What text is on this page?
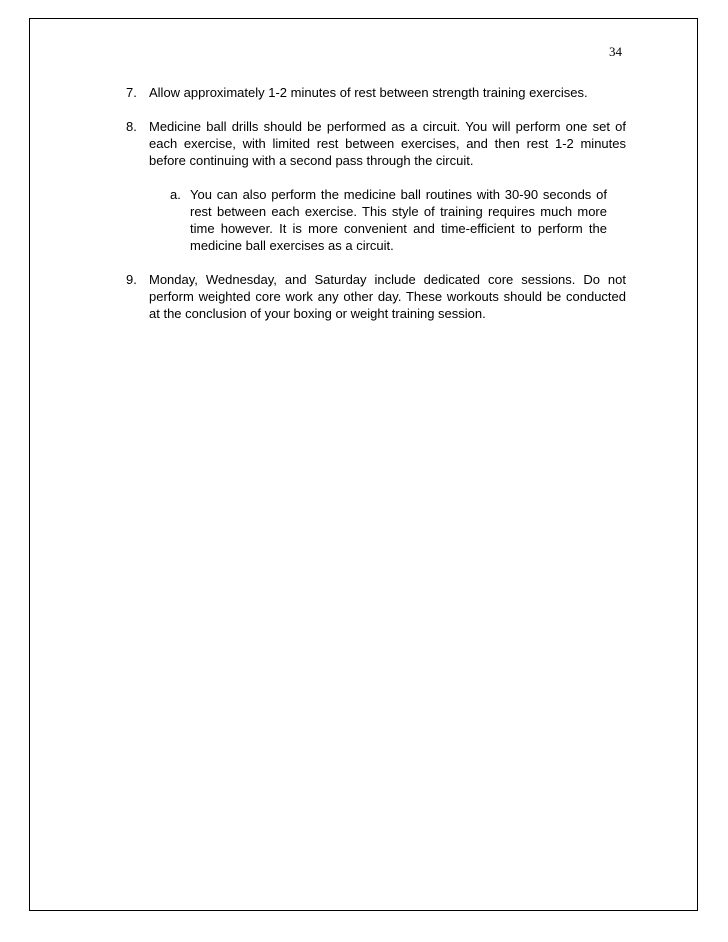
34
7. Allow approximately 1-2 minutes of rest between strength training exercises.
8. Medicine ball drills should be performed as a circuit. You will perform one set of each exercise, with limited rest between exercises, and then rest 1-2 minutes before continuing with a second pass through the circuit.
a. You can also perform the medicine ball routines with 30-90 seconds of rest between each exercise. This style of training requires much more time however. It is more convenient and time-efficient to perform the medicine ball exercises as a circuit.
9. Monday, Wednesday, and Saturday include dedicated core sessions. Do not perform weighted core work any other day. These workouts should be conducted at the conclusion of your boxing or weight training session.
